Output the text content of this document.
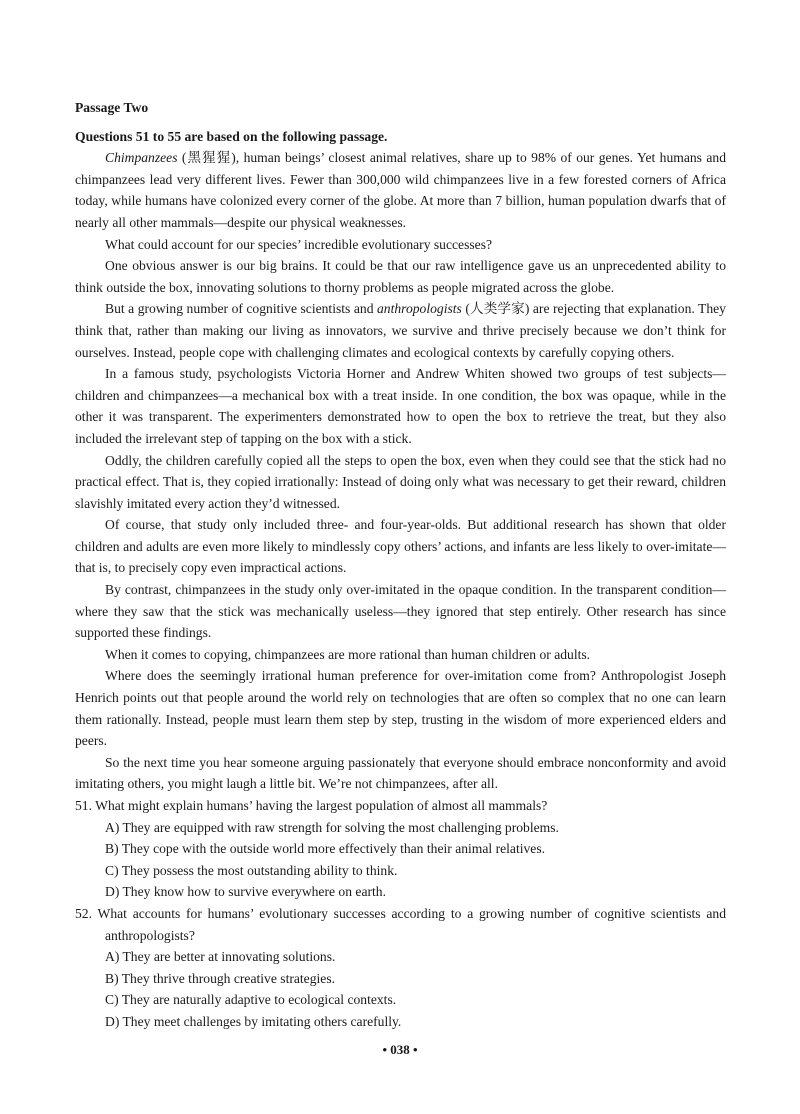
Passage Two

Questions 51 to 55 are based on the following passage.

Chimpanzees (黑猩猩), human beings’ closest animal relatives, share up to 98% of our genes. Yet humans and chimpanzees lead very different lives. Fewer than 300,000 wild chimpanzees live in a few forested corners of Africa today, while humans have colonized every corner of the globe. At more than 7 billion, human population dwarfs that of nearly all other mammals—despite our physical weaknesses.

What could account for our species’ incredible evolutionary successes?

One obvious answer is our big brains. It could be that our raw intelligence gave us an unprecedented ability to think outside the box, innovating solutions to thorny problems as people migrated across the globe.

But a growing number of cognitive scientists and anthropologists (人类学家) are rejecting that explanation. They think that, rather than making our living as innovators, we survive and thrive precisely because we don’t think for ourselves. Instead, people cope with challenging climates and ecological contexts by carefully copying others.

In a famous study, psychologists Victoria Horner and Andrew Whiten showed two groups of test subjects—children and chimpanzees—a mechanical box with a treat inside. In one condition, the box was opaque, while in the other it was transparent. The experimenters demonstrated how to open the box to retrieve the treat, but they also included the irrelevant step of tapping on the box with a stick.

Oddly, the children carefully copied all the steps to open the box, even when they could see that the stick had no practical effect. That is, they copied irrationally: Instead of doing only what was necessary to get their reward, children slavishly imitated every action they’d witnessed.

Of course, that study only included three- and four-year-olds. But additional research has shown that older children and adults are even more likely to mindlessly copy others’ actions, and infants are less likely to over-imitate—that is, to precisely copy even impractical actions.

By contrast, chimpanzees in the study only over-imitated in the opaque condition. In the transparent condition—where they saw that the stick was mechanically useless—they ignored that step entirely. Other research has since supported these findings.

When it comes to copying, chimpanzees are more rational than human children or adults.

Where does the seemingly irrational human preference for over-imitation come from? Anthropologist Joseph Henrich points out that people around the world rely on technologies that are often so complex that no one can learn them rationally. Instead, people must learn them step by step, trusting in the wisdom of more experienced elders and peers.

So the next time you hear someone arguing passionately that everyone should embrace nonconformity and avoid imitating others, you might laugh a little bit. We’re not chimpanzees, after all.

51. What might explain humans’ having the largest population of almost all mammals?

A) They are equipped with raw strength for solving the most challenging problems.

B) They cope with the outside world more effectively than their animal relatives.

C) They possess the most outstanding ability to think.

D) They know how to survive everywhere on earth.

52. What accounts for humans’ evolutionary successes according to a growing number of cognitive scientists and anthropologists?

A) They are better at innovating solutions.

B) They thrive through creative strategies.

C) They are naturally adaptive to ecological contexts.

D) They meet challenges by imitating others carefully.

• 038 •
